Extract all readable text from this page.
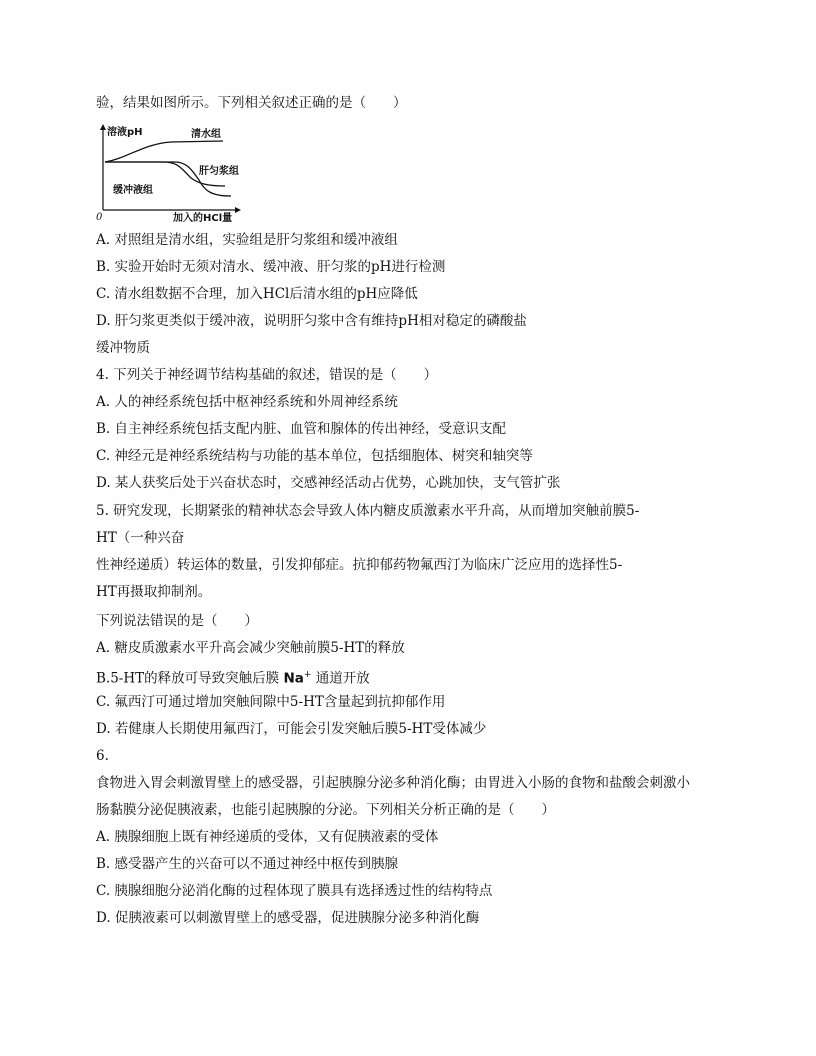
验，结果如图所示。下列相关叙述正确的是（　　）
溶液pH	清水组
肝匀浆组
缓冲液组
0	加入的HCl量
A. 对照组是清水组，实验组是肝匀浆组和缓冲液组
B. 实验开始时无须对清水、缓冲液、肝匀浆的pH进行检测
C. 清水组数据不合理，加入HCl后清水组的pH应降低
D. 肝匀浆更类似于缓冲液，说明肝匀浆中含有维持pH相对稳定的磷酸盐
缓冲物质
4. 下列关于神经调节结构基础的叙述，错误的是（　　）
A. 人的神经系统包括中枢神经系统和外周神经系统
B. 自主神经系统包括支配内脏、血管和腺体的传出神经，受意识支配
C. 神经元是神经系统结构与功能的基本单位，包括细胞体、树突和轴突等
D. 某人获奖后处于兴奋状态时，交感神经活动占优势，心跳加快，支气管扩张
5. 研究发现，长期紧张的精神状态会导致人体内糖皮质激素水平升高，从而增加突触前膜5-
HT（一种兴奋
性神经递质）转运体的数量，引发抑郁症。抗抑郁药物氟西汀为临床广泛应用的选择性5-
HT再摄取抑制剂。
下列说法错误的是（　　）
A. 糖皮质激素水平升高会减少突触前膜5-HT的释放
B.5-HT的释放可导致突触后膜 Na+ 通道开放
C. 氟西汀可通过增加突触间隙中5-HT含量起到抗抑郁作用
D. 若健康人长期使用氟西汀，可能会引发突触后膜5-HT受体减少
6.
食物进入胃会刺激胃壁上的感受器，引起胰腺分泌多种消化酶；由胃进入小肠的食物和盐酸会刺激小
肠黏膜分泌促胰液素，也能引起胰腺的分泌。下列相关分析正确的是（　　）
A. 胰腺细胞上既有神经递质的受体，又有促胰液素的受体
B. 感受器产生的兴奋可以不通过神经中枢传到胰腺
C. 胰腺细胞分泌消化酶的过程体现了膜具有选择透过性的结构特点
D. 促胰液素可以刺激胃壁上的感受器，促进胰腺分泌多种消化酶
